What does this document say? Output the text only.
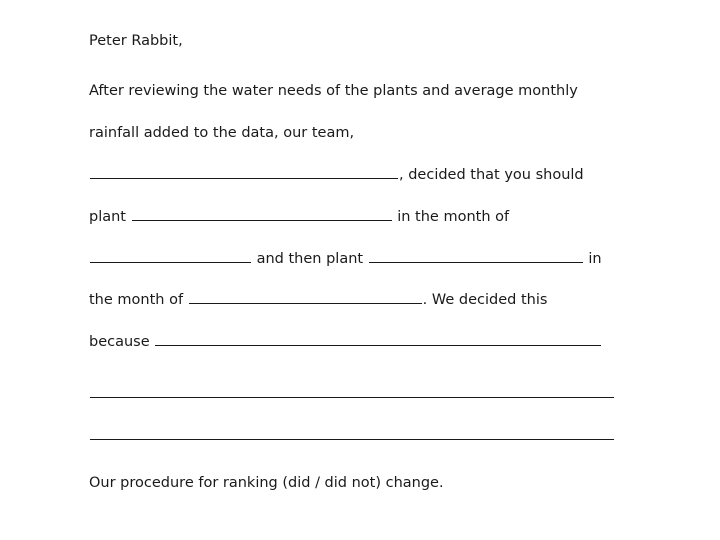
Peter Rabbit,
After reviewing the water needs of the plants and average monthly
rainfall added to the data, our team,
, decided that you should
plant	in the month of
and then plant	in
the month of	. We decided this
because
Our procedure for ranking (did / did not) change.
